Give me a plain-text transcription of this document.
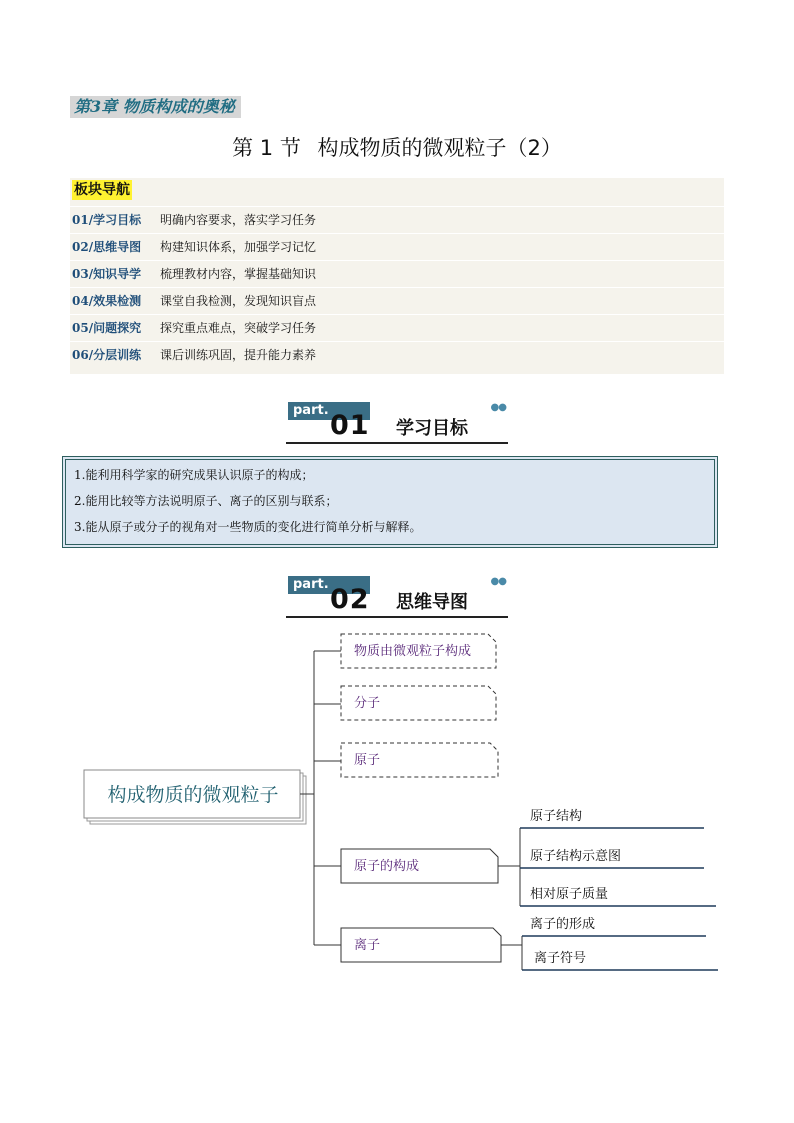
第3章 物质构成的奥秘
第 1 节 构成物质的微观粒子（2）
板块导航
01/学习目标	明确内容要求，落实学习任务
02/思维导图	构建知识体系，加强学习记忆
03/知识导学	梳理教材内容，掌握基础知识
04/效果检测	课堂自我检测，发现知识盲点
05/问题探究	探究重点难点，突破学习任务
06/分层训练	课后训练巩固，提升能力素养
part. 01 学习目标
●●
1.能利用科学家的研究成果认识原子的构成；
2.能用比较等方法说明原子、离子的区别与联系；
3.能从原子或分子的视角对一些物质的变化进行简单分析与解释。
part. 02 思维导图
●●
构成物质的微观粒子
物质由微观粒子构成
分子
原子
原子的构成
离子
原子结构
原子结构示意图
相对原子质量
离子的形成
离子符号
